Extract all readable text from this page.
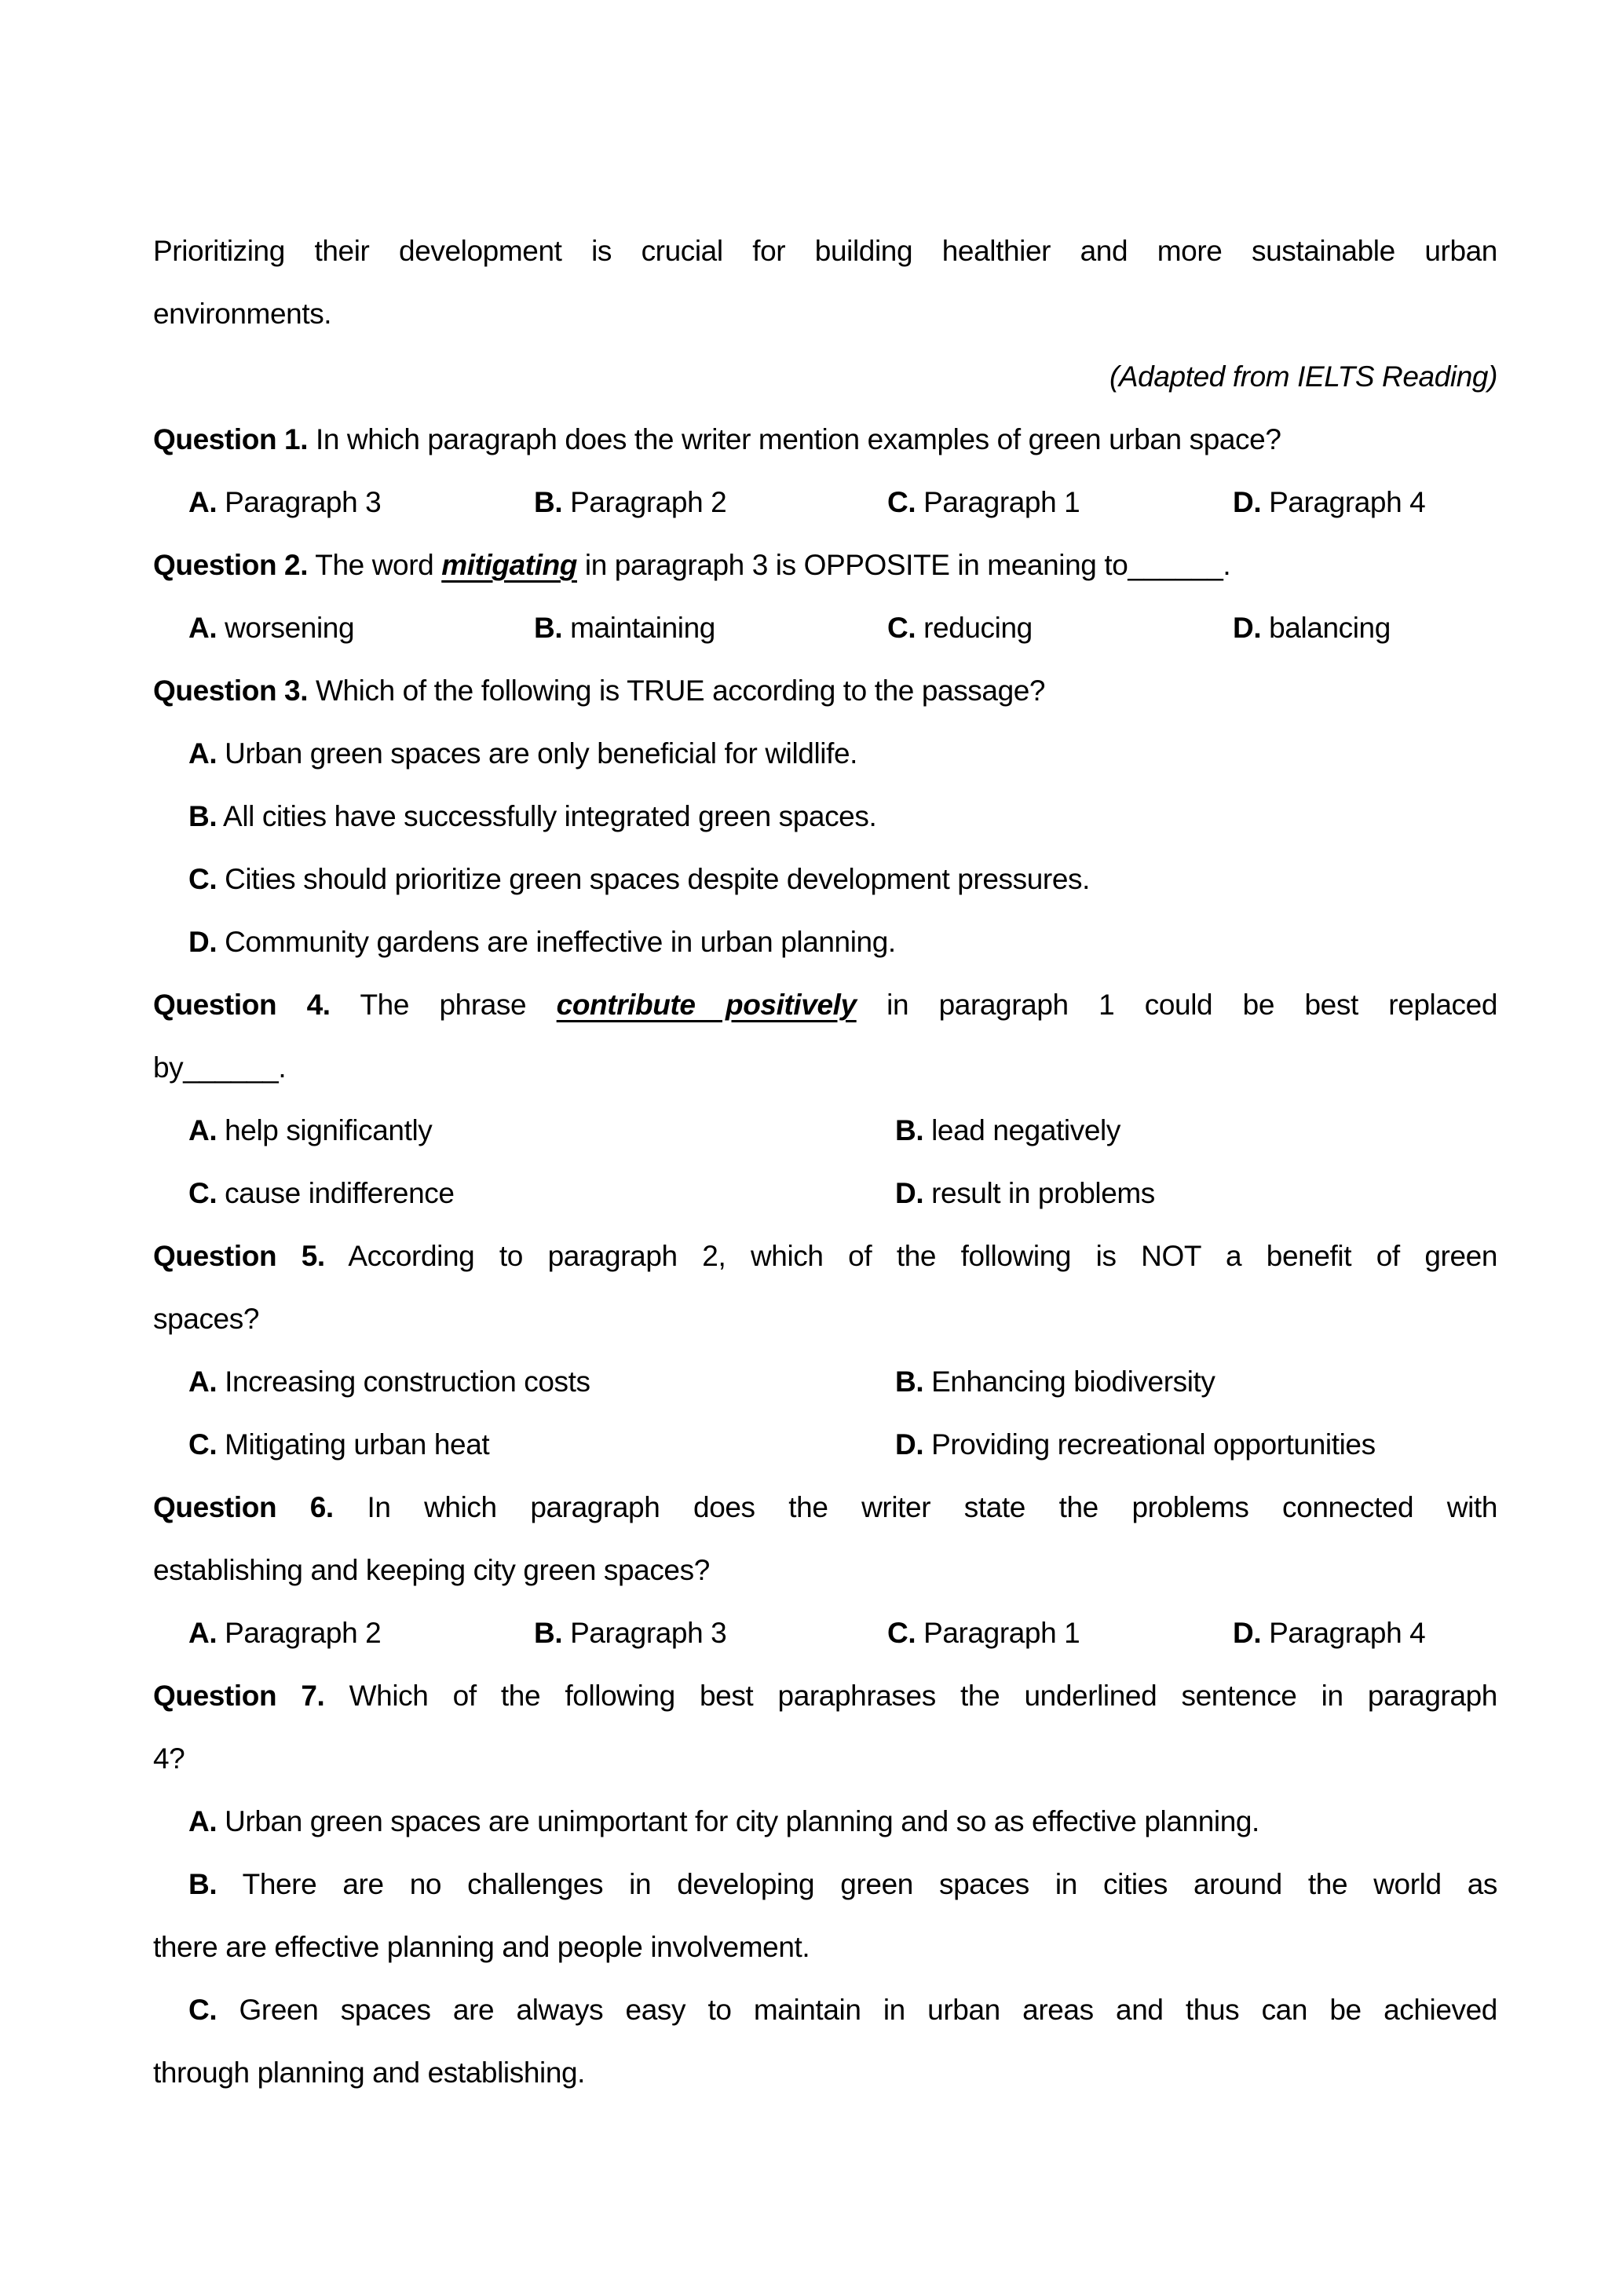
Prioritizing their development is crucial for building healthier and more sustainable urban
environments.
(Adapted from IELTS Reading)
Question 1. In which paragraph does the writer mention examples of green urban space?
A. Paragraph 3	B. Paragraph 2	C. Paragraph 1	D. Paragraph 4
Question 2. The word mitigating in paragraph 3 is OPPOSITE in meaning to______.
A. worsening	B. maintaining	C. reducing	D. balancing
Question 3. Which of the following is TRUE according to the passage?
A. Urban green spaces are only beneficial for wildlife.
B. All cities have successfully integrated green spaces.
C. Cities should prioritize green spaces despite development pressures.
D. Community gardens are ineffective in urban planning.
Question 4. The phrase contribute positively in paragraph 1 could be best replaced
by______.
A. help significantly	B. lead negatively
C. cause indifference	D. result in problems
Question 5. According to paragraph 2, which of the following is NOT a benefit of green
spaces?
A. Increasing construction costs	B. Enhancing biodiversity
C. Mitigating urban heat	D. Providing recreational opportunities
Question 6. In which paragraph does the writer state the problems connected with
establishing and keeping city green spaces?
A. Paragraph 2	B. Paragraph 3	C. Paragraph 1	D. Paragraph 4
Question 7. Which of the following best paraphrases the underlined sentence in paragraph
4?
A. Urban green spaces are unimportant for city planning and so as effective planning.
B. There are no challenges in developing green spaces in cities around the world as
there are effective planning and people involvement.
C. Green spaces are always easy to maintain in urban areas and thus can be achieved
through planning and establishing.
